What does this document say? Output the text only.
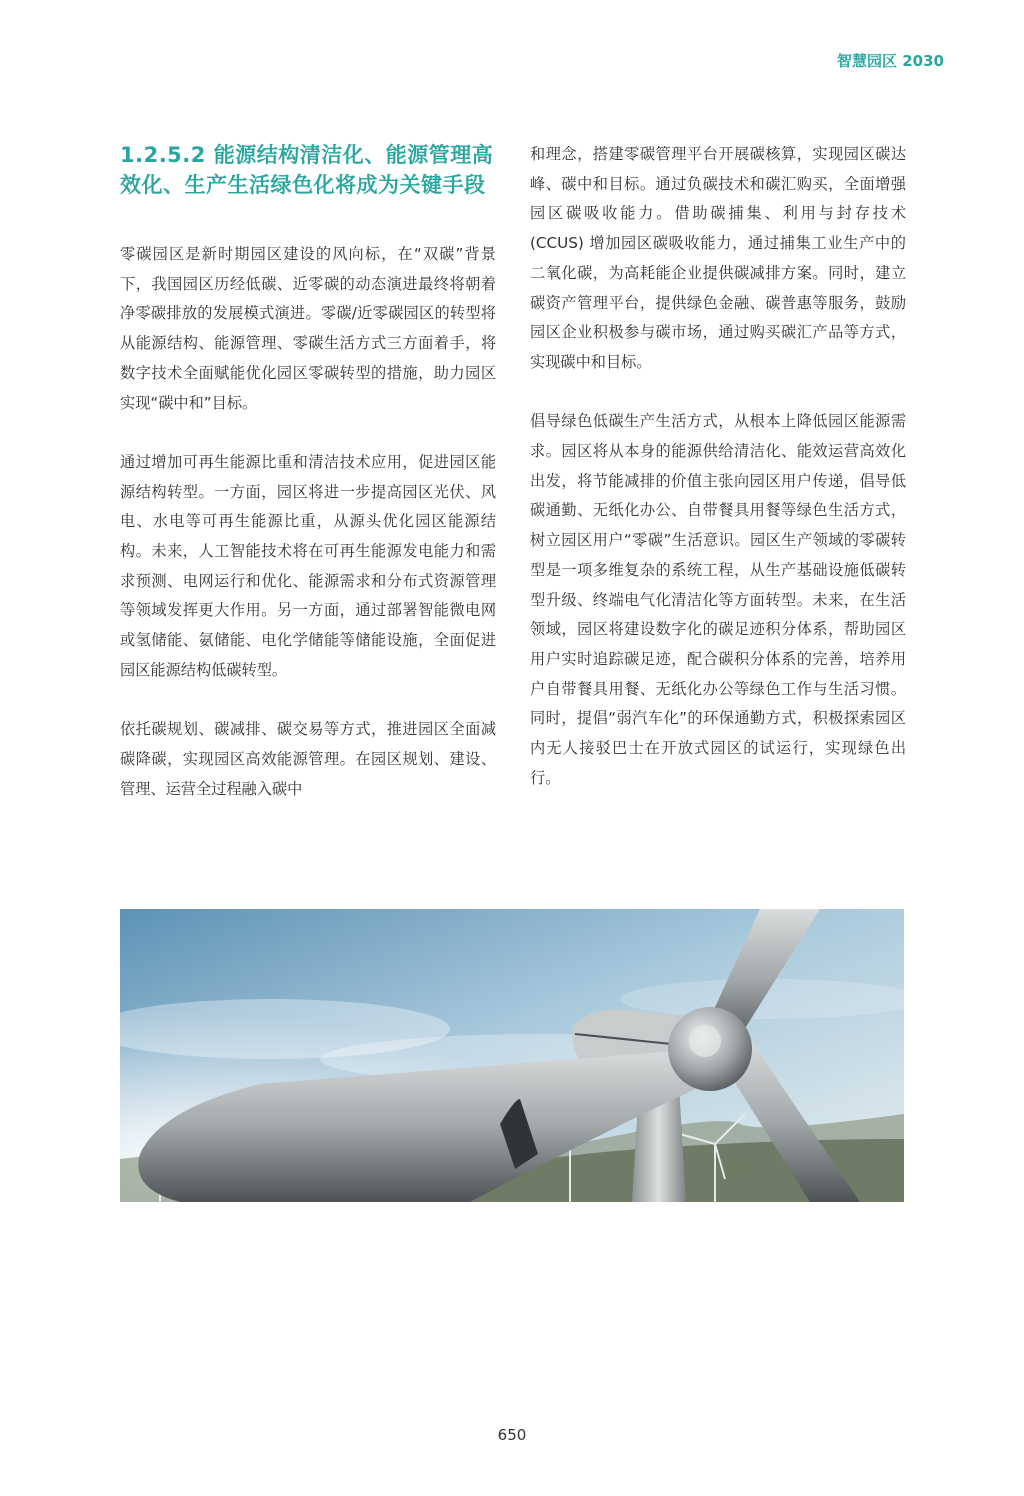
智慧园区 2030
1.2.5.2 能源结构清洁化、能源管理高效化、生产生活绿色化将成为关键手段

零碳园区是新时期园区建设的风向标，在“双碳”背景下，我国园区历经低碳、近零碳的动态演进最终将朝着净零碳排放的发展模式演进。零碳/近零碳园区的转型将从能源结构、能源管理、零碳生活方式三方面着手，将数字技术全面赋能优化园区零碳转型的措施，助力园区实现“碳中和”目标。

通过增加可再生能源比重和清洁技术应用，促进园区能源结构转型。一方面，园区将进一步提高园区光伏、风电、水电等可再生能源比重，从源头优化园区能源结构。未来，人工智能技术将在可再生能源发电能力和需求预测、电网运行和优化、能源需求和分布式资源管理等领域发挥更大作用。另一方面，通过部署智能微电网或氢储能、氨储能、电化学储能等储能设施，全面促进园区能源结构低碳转型。

依托碳规划、碳减排、碳交易等方式，推进园区全面减碳降碳，实现园区高效能源管理。在园区规划、建设、管理、运营全过程融入碳中

和理念，搭建零碳管理平台开展碳核算，实现园区碳达峰、碳中和目标。通过负碳技术和碳汇购买，全面增强园区碳吸收能力。借助碳捕集、利用与封存技术 (CCUS) 增加园区碳吸收能力，通过捕集工业生产中的二氧化碳，为高耗能企业提供碳减排方案。同时，建立碳资产管理平台，提供绿色金融、碳普惠等服务，鼓励园区企业积极参与碳市场，通过购买碳汇产品等方式，实现碳中和目标。

倡导绿色低碳生产生活方式，从根本上降低园区能源需求。园区将从本身的能源供给清洁化、能效运营高效化出发，将节能减排的价值主张向园区用户传递，倡导低碳通勤、无纸化办公、自带餐具用餐等绿色生活方式，树立园区用户“零碳”生活意识。园区生产领域的零碳转型是一项多维复杂的系统工程，从生产基础设施低碳转型升级、终端电气化清洁化等方面转型。未来，在生活领域，园区将建设数字化的碳足迹积分体系，帮助园区用户实时追踪碳足迹，配合碳积分体系的完善，培养用户自带餐具用餐、无纸化办公等绿色工作与生活习惯。同时，提倡“弱汽车化”的环保通勤方式，积极探索园区内无人接驳巴士在开放式园区的试运行，实现绿色出行。

650
